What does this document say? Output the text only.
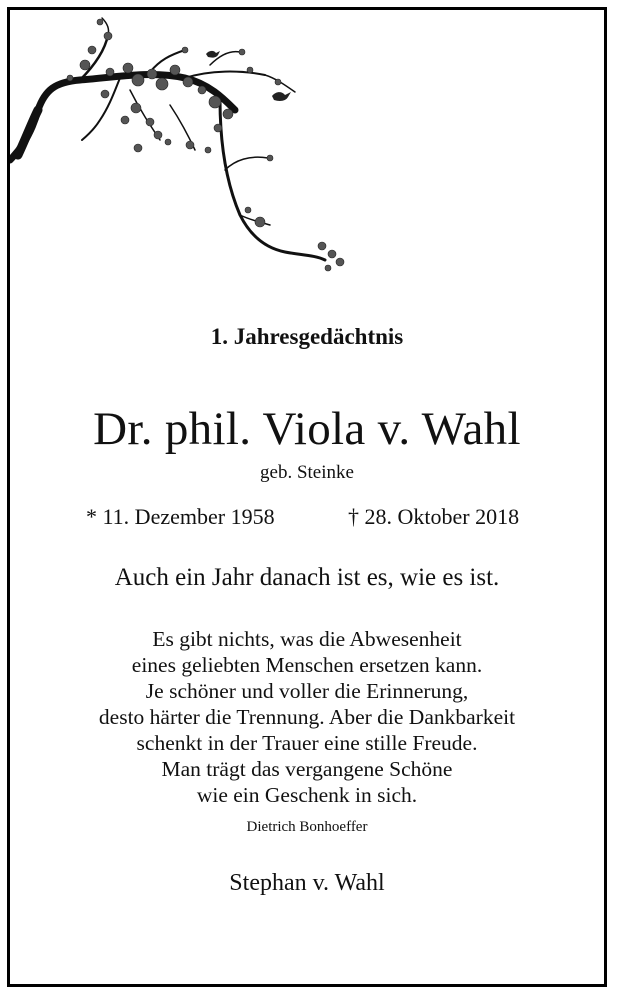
1. Jahresgedächtnis
Dr. phil. Viola v. Wahl
geb. Steinke
* 11. Dezember 1958	† 28. Oktober 2018
Auch ein Jahr danach ist es, wie es ist.
Es gibt nichts, was die Abwesenheit
eines geliebten Menschen ersetzen kann.
Je schöner und voller die Erinnerung,
desto härter die Trennung. Aber die Dankbarkeit
schenkt in der Trauer eine stille Freude.
Man trägt das vergangene Schöne
wie ein Geschenk in sich.
Dietrich Bonhoeffer
Stephan v. Wahl
